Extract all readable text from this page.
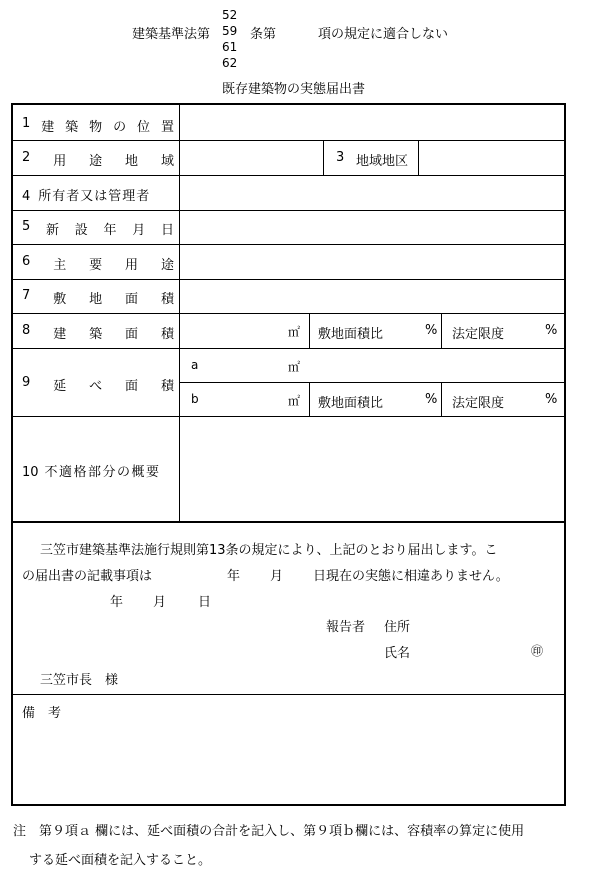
建築基準法第
52
59
61
62
条第	項の規定に適合しない
既存建築物の実態届出書
1 建 築 物 の 位 置
2 用 途 地 域	3 地域地区
4 所有者又は管理者
5 新 設 年 月 日
6 主 要 用 途
7 敷 地 面 積
8 建 築 面 積	㎡ 敷地面積比	% 法定限度	%
9 延 べ 面 積
a	㎡
b	㎡ 敷地面積比	% 法定限度	%
10 不適格部分の概要
三笠市建築基準法施行規則第13条の規定により、上記のとおり届出します。こ
の届出書の記載事項は	年 月 日現在の実態に相違ありません。
年 月 日
報告者 住所
氏名	㊞
三笠市長　様
備　考
注　第９項ａ 欄には、延べ面積の合計を記入し、第９項ｂ欄には、容積率の算定に使用
する延べ面積を記入すること。
